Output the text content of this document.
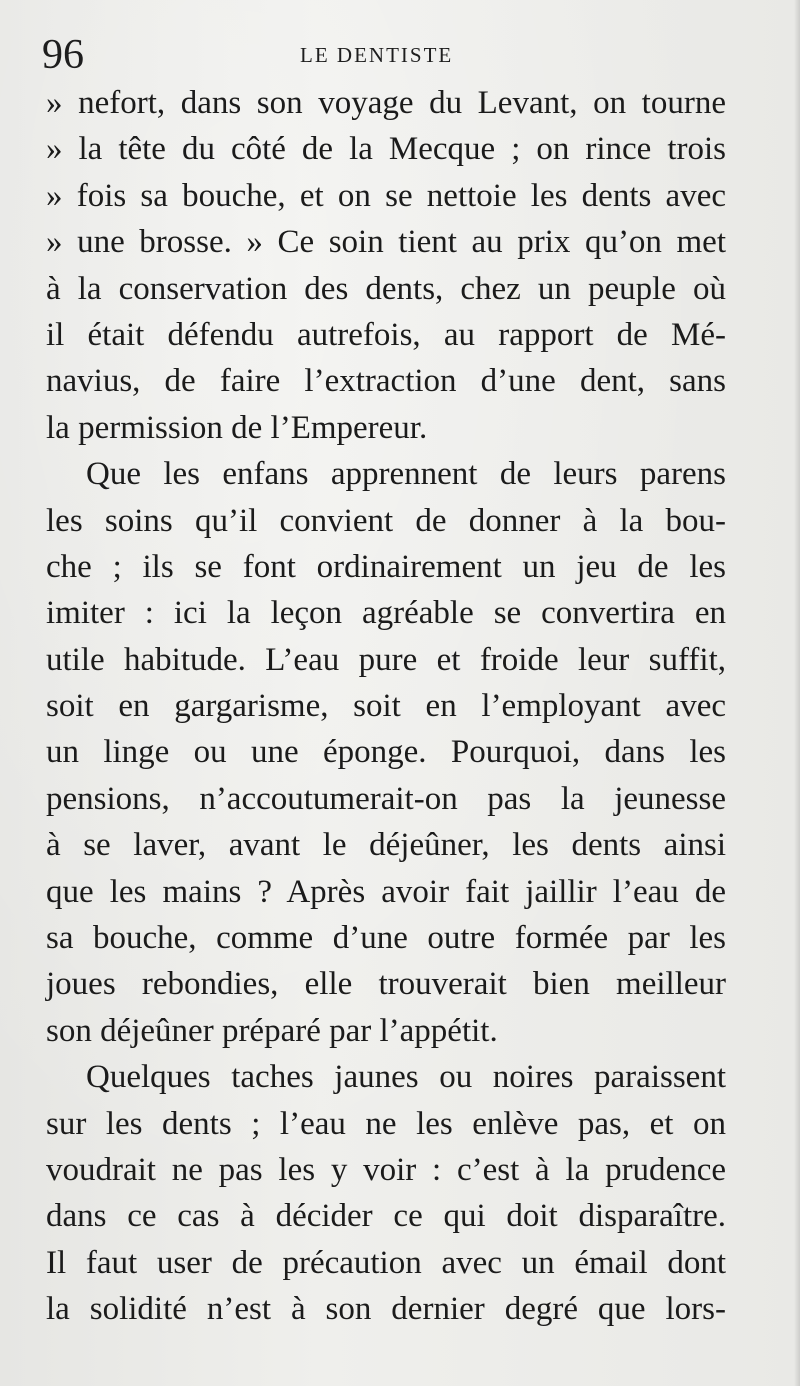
96	LE DENTISTE
» nefort, dans son voyage du Levant, on tourne
» la tête du côté de la Mecque ; on rince trois
» fois sa bouche, et on se nettoie les dents avec
» une brosse. » Ce soin tient au prix qu’on met
à la conservation des dents, chez un peuple où
il était défendu autrefois, au rapport de Mé-
navius, de faire l’extraction d’une dent, sans
la permission de l’Empereur.
Que les enfans apprennent de leurs parens
les soins qu’il convient de donner à la bou-
che ; ils se font ordinairement un jeu de les
imiter : ici la leçon agréable se convertira en
utile habitude. L’eau pure et froide leur suffit,
soit en gargarisme, soit en l’employant avec
un linge ou une éponge. Pourquoi, dans les
pensions, n’accoutumerait-on pas la jeunesse
à se laver, avant le déjeûner, les dents ainsi
que les mains ? Après avoir fait jaillir l’eau de
sa bouche, comme d’une outre formée par les
joues rebondies, elle trouverait bien meilleur
son déjeûner préparé par l’appétit.
Quelques taches jaunes ou noires paraissent
sur les dents ; l’eau ne les enlève pas, et on
voudrait ne pas les y voir : c’est à la prudence
dans ce cas à décider ce qui doit disparaître.
Il faut user de précaution avec un émail dont
la solidité n’est à son dernier degré que lors-
